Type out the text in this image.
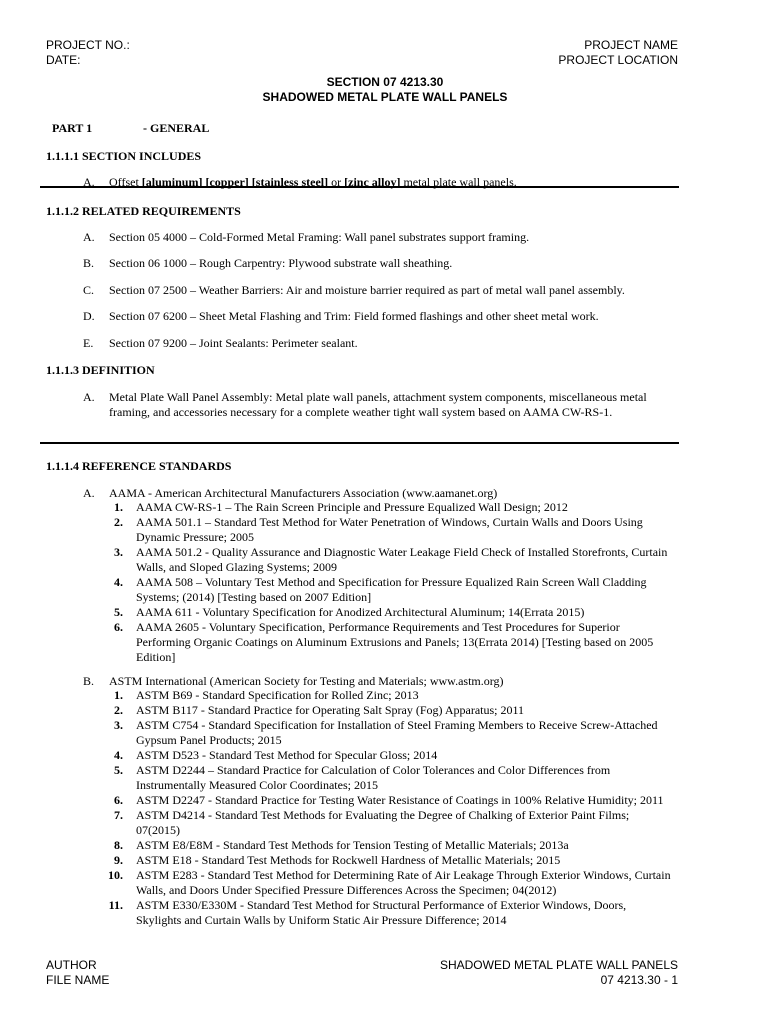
PROJECT NO.:
DATE:
PROJECT NAME
PROJECT LOCATION
SECTION 07 4213.30
SHADOWED METAL PLATE WALL PANELS
PART 1	- GENERAL
1.1.1.1 SECTION INCLUDES
A. Offset [aluminum] [copper] [stainless steel] or [zinc alloy] metal plate wall panels.
1.1.1.2 RELATED REQUIREMENTS
A. Section 05 4000 – Cold-Formed Metal Framing: Wall panel substrates support framing.
B. Section 06 1000 – Rough Carpentry: Plywood substrate wall sheathing.
C. Section 07 2500 – Weather Barriers: Air and moisture barrier required as part of metal wall panel assembly.
D. Section 07 6200 – Sheet Metal Flashing and Trim: Field formed flashings and other sheet metal work.
E. Section 07 9200 – Joint Sealants: Perimeter sealant.
1.1.1.3 DEFINITION
A. Metal Plate Wall Panel Assembly: Metal plate wall panels, attachment system components, miscellaneous metal
framing, and accessories necessary for a complete weather tight wall system based on AAMA CW-RS-1.
1.1.1.4 REFERENCE STANDARDS
A. AAMA - American Architectural Manufacturers Association (www.aamanet.org)
1. AAMA CW-RS-1 – The Rain Screen Principle and Pressure Equalized Wall Design; 2012
2. AAMA 501.1 – Standard Test Method for Water Penetration of Windows, Curtain Walls and Doors Using
Dynamic Pressure; 2005
3. AAMA 501.2 - Quality Assurance and Diagnostic Water Leakage Field Check of Installed Storefronts, Curtain
Walls, and Sloped Glazing Systems; 2009
4. AAMA 508 – Voluntary Test Method and Specification for Pressure Equalized Rain Screen Wall Cladding
Systems; (2014) [Testing based on 2007 Edition]
5. AAMA 611 - Voluntary Specification for Anodized Architectural Aluminum; 14(Errata 2015)
6. AAMA 2605 - Voluntary Specification, Performance Requirements and Test Procedures for Superior
Performing Organic Coatings on Aluminum Extrusions and Panels; 13(Errata 2014) [Testing based on 2005
Edition]
B. ASTM International (American Society for Testing and Materials; www.astm.org)
1. ASTM B69 - Standard Specification for Rolled Zinc; 2013
2. ASTM B117 - Standard Practice for Operating Salt Spray (Fog) Apparatus; 2011
3. ASTM C754 - Standard Specification for Installation of Steel Framing Members to Receive Screw-Attached
Gypsum Panel Products; 2015
4. ASTM D523 - Standard Test Method for Specular Gloss; 2014
5. ASTM D2244 – Standard Practice for Calculation of Color Tolerances and Color Differences from
Instrumentally Measured Color Coordinates; 2015
6. ASTM D2247 - Standard Practice for Testing Water Resistance of Coatings in 100% Relative Humidity; 2011
7. ASTM D4214 - Standard Test Methods for Evaluating the Degree of Chalking of Exterior Paint Films;
07(2015)
8. ASTM E8/E8M - Standard Test Methods for Tension Testing of Metallic Materials; 2013a
9. ASTM E18 - Standard Test Methods for Rockwell Hardness of Metallic Materials; 2015
10. ASTM E283 - Standard Test Method for Determining Rate of Air Leakage Through Exterior Windows, Curtain
Walls, and Doors Under Specified Pressure Differences Across the Specimen; 04(2012)
11. ASTM E330/E330M - Standard Test Method for Structural Performance of Exterior Windows, Doors,
Skylights and Curtain Walls by Uniform Static Air Pressure Difference; 2014
AUTHOR
FILE NAME
SHADOWED METAL PLATE WALL PANELS
07 4213.30 - 1
